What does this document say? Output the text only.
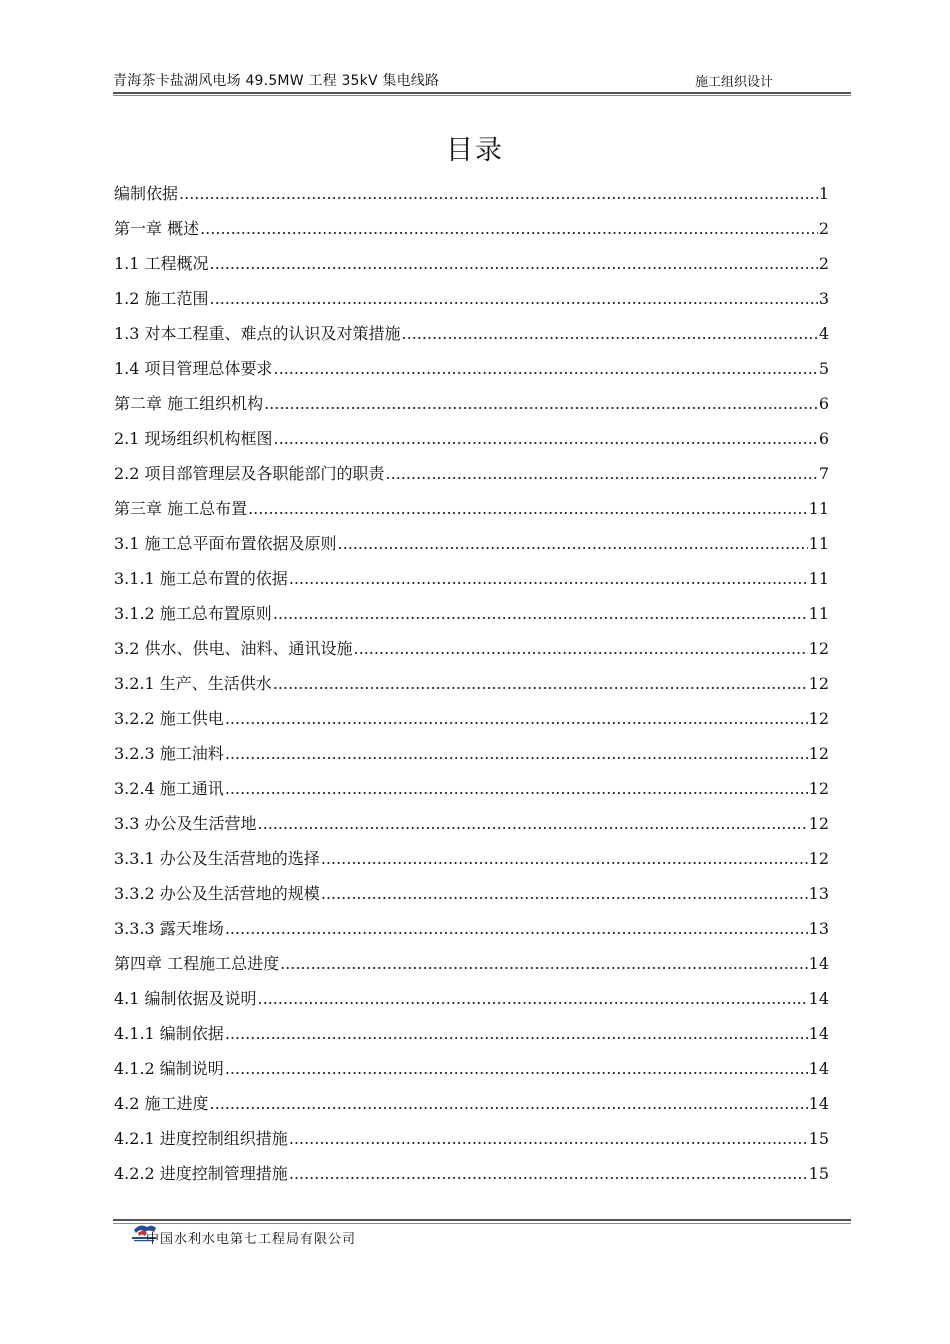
青海茶卡盐湖风电场 49.5MW 工程 35kV 集电线路	施工组织设计
目录
编制依据 .....	1
第一章 概述 .....	2
1.1 工程概况 .....	2
1.2 施工范围 .....	3
1.3 对本工程重、难点的认识及对策措施 .....	4
1.4 项目管理总体要求 .....	5
第二章 施工组织机构 .....	6
2.1 现场组织机构框图 .....	6
2.2 项目部管理层及各职能部门的职责 .....	7
第三章 施工总布置 .....	11
3.1 施工总平面布置依据及原则 .....	11
3.1.1 施工总布置的依据 .....	11
3.1.2 施工总布置原则 .....	11
3.2 供水、供电、油料、通讯设施 .....	12
3.2.1 生产、生活供水 .....	12
3.2.2 施工供电 .....	12
3.2.3 施工油料 .....	12
3.2.4 施工通讯 .....	12
3.3 办公及生活营地 .....	12
3.3.1 办公及生活营地的选择 .....	12
3.3.2 办公及生活营地的规模 .....	13
3.3.3 露天堆场 .....	13
第四章 工程施工总进度 .....	14
4.1 编制依据及说明 .....	14
4.1.1 编制依据 .....	14
4.1.2 编制说明 .....	14
4.2 施工进度 .....	14
4.2.1 进度控制组织措施 .....	15
4.2.2 进度控制管理措施 .....	15
中国水利水电第七工程局有限公司
